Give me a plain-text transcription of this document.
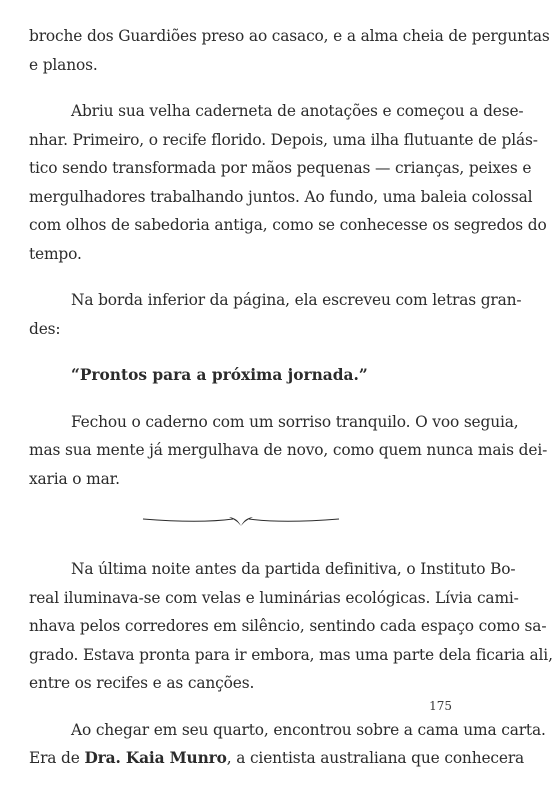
broche dos Guardiões preso ao casaco, e a alma cheia de perguntas
e planos.
Abriu sua velha caderneta de anotações e começou a dese-
nhar. Primeiro, o recife florido. Depois, uma ilha flutuante de plás-
tico sendo transformada por mãos pequenas — crianças, peixes e
mergulhadores trabalhando juntos. Ao fundo, uma baleia colossal
com olhos de sabedoria antiga, como se conhecesse os segredos do
tempo.
Na borda inferior da página, ela escreveu com letras gran-
des:
“Prontos para a próxima jornada.”
Fechou o caderno com um sorriso tranquilo. O voo seguia,
mas sua mente já mergulhava de novo, como quem nunca mais dei-
xaria o mar.
Na última noite antes da partida definitiva, o Instituto Bo-
real iluminava-se com velas e luminárias ecológicas. Lívia cami-
nhava pelos corredores em silêncio, sentindo cada espaço como sa-
grado. Estava pronta para ir embora, mas uma parte dela ficaria ali,
entre os recifes e as canções.
Ao chegar em seu quarto, encontrou sobre a cama uma carta.
Era de Dra. Kaia Munro, a cientista australiana que conhecera
175
